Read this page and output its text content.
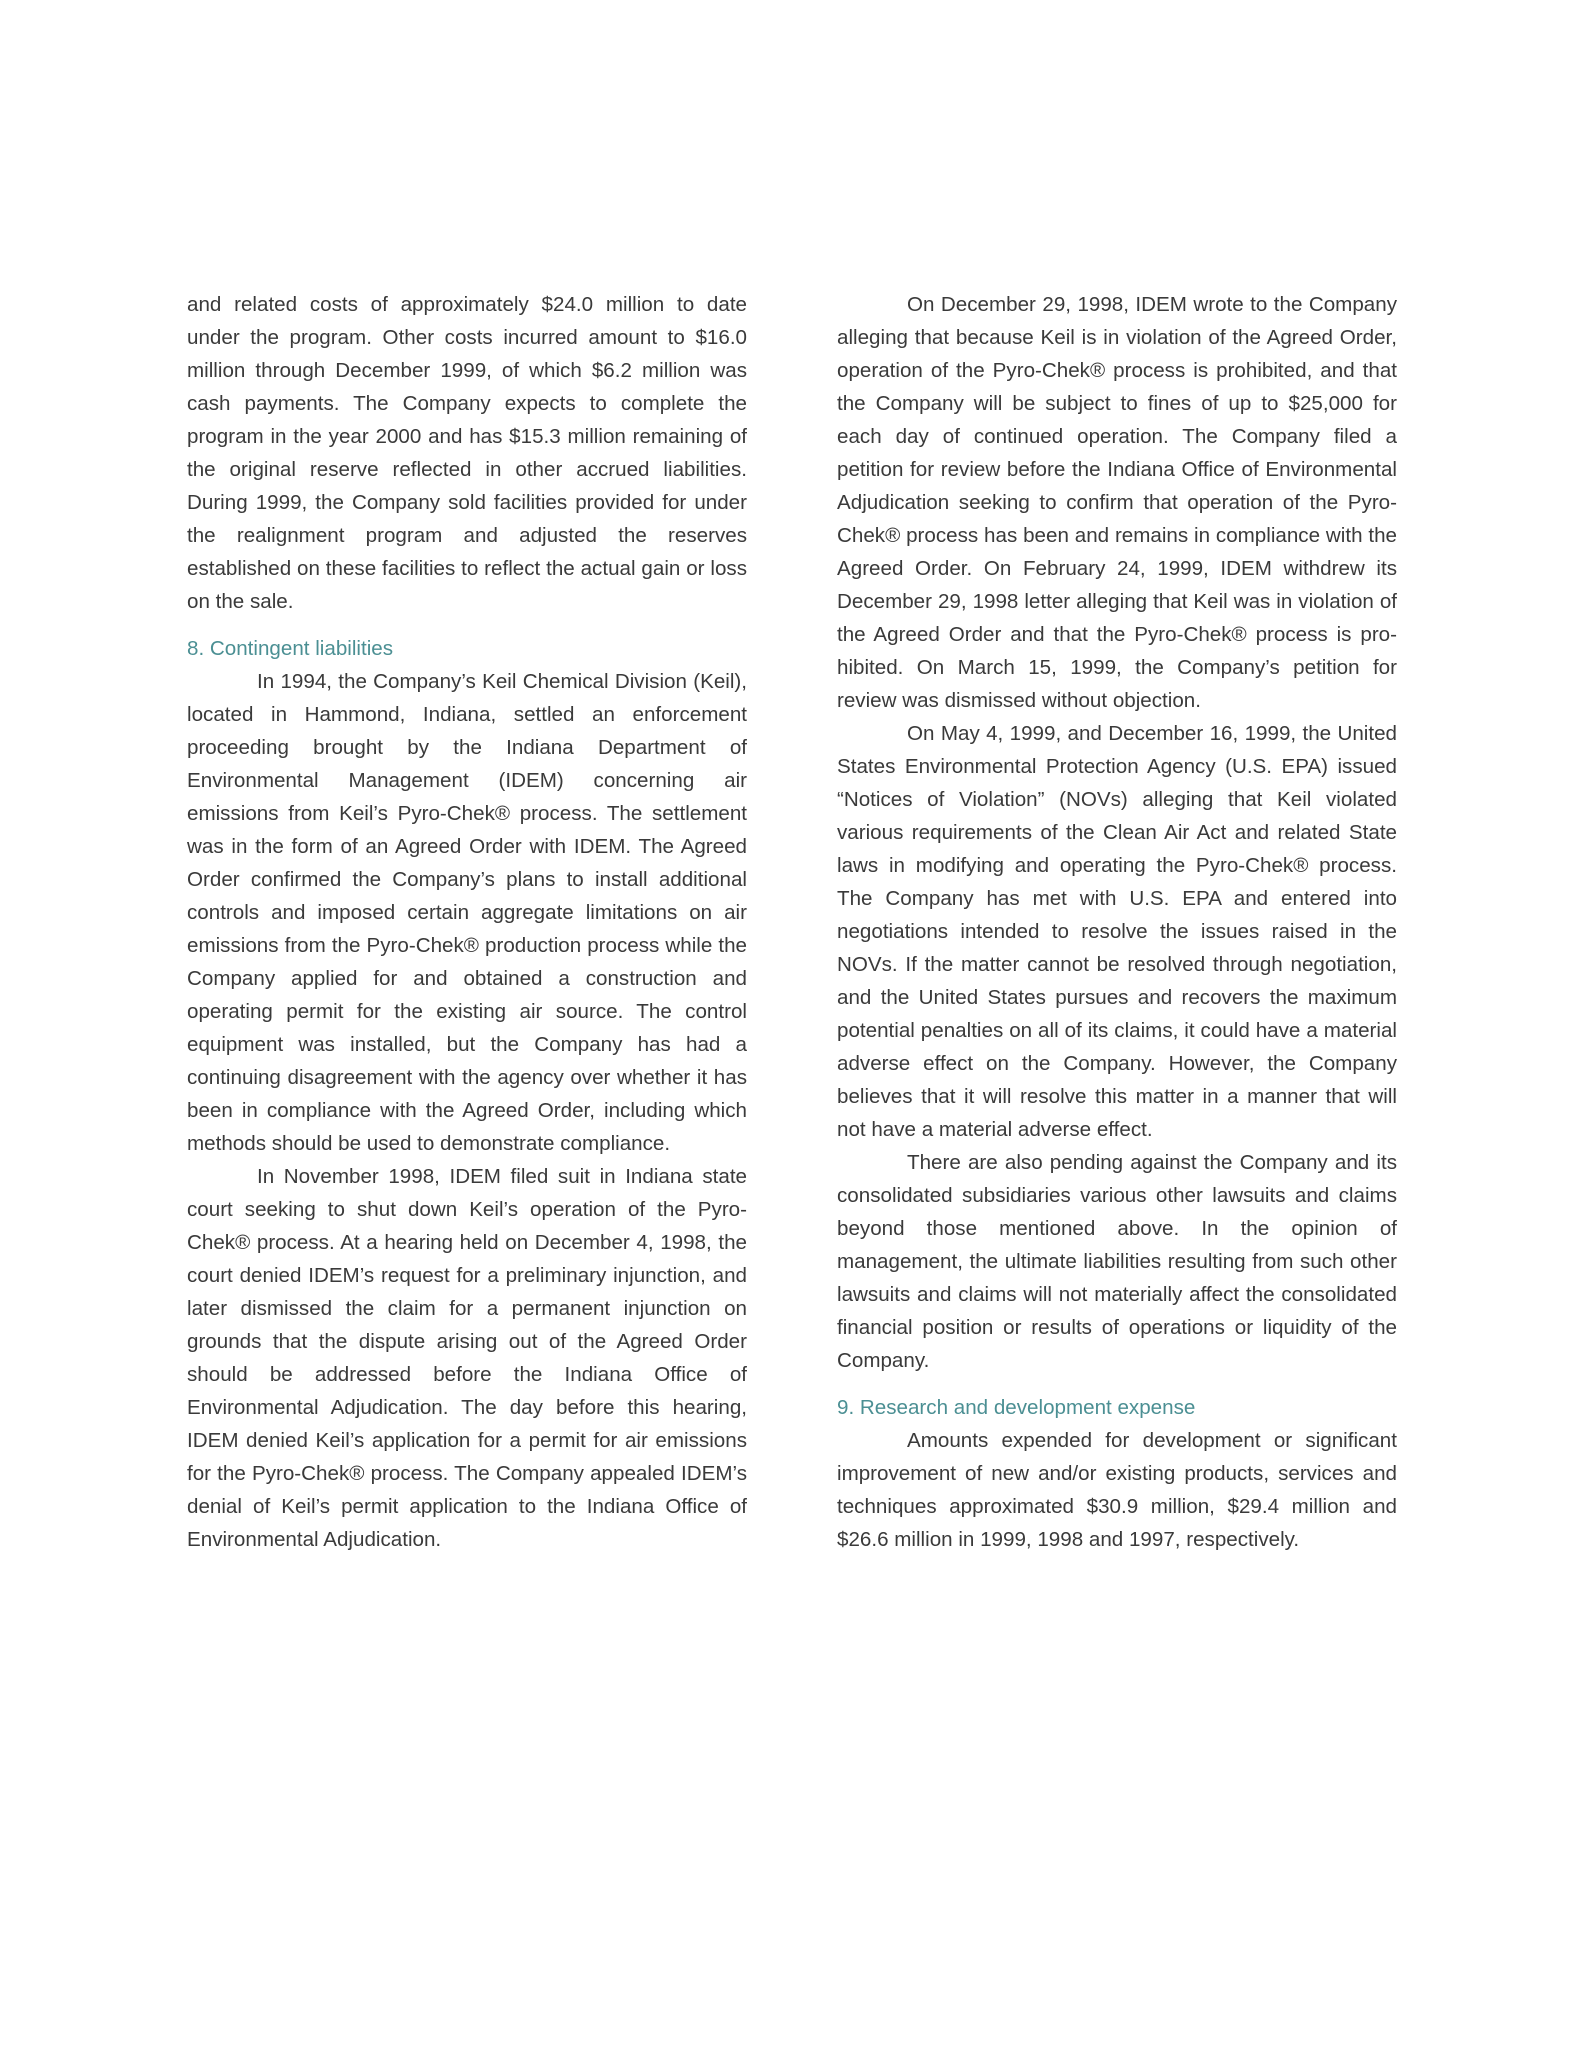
and related costs of approximately $24.0 million to date under the program. Other costs incurred amount to $16.0 million through December 1999, of which $6.2 million was cash payments. The Company expects to complete the program in the year 2000 and has $15.3 million remaining of the original reserve reflected in other accrued liabilities. During 1999, the Company sold facilities provided for under the realignment program and adjusted the reserves established on these facilities to reflect the actual gain or loss on the sale.

8. Contingent liabilities

In 1994, the Company’s Keil Chemical Division (Keil), located in Hammond, Indiana, settled an enforcement proceeding brought by the Indiana Department of Environmental Management (IDEM) concerning air emissions from Keil’s Pyro-Chek® process. The settlement was in the form of an Agreed Order with IDEM. The Agreed Order confirmed the Company’s plans to install additional controls and imposed certain aggregate limitations on air emissions from the Pyro-Chek® production process while the Company applied for and obtained a construction and operating permit for the existing air source. The control equipment was installed, but the Company has had a continuing disagreement with the agency over whether it has been in compliance with the Agreed Order, including which methods should be used to demonstrate compliance.

In November 1998, IDEM filed suit in Indiana state court seeking to shut down Keil’s operation of the Pyro-Chek® process. At a hearing held on December 4, 1998, the court denied IDEM’s request for a preliminary injunction, and later dismissed the claim for a permanent injunction on grounds that the dispute arising out of the Agreed Order should be addressed before the Indiana Office of Environmental Adjudication. The day before this hearing, IDEM denied Keil’s application for a permit for air emissions for the Pyro-Chek® process. The Company appealed IDEM’s denial of Keil’s permit application to the Indiana Office of Environmental Adjudication.

On December 29, 1998, IDEM wrote to the Company alleging that because Keil is in violation of the Agreed Order, operation of the Pyro-Chek® process is prohibited, and that the Company will be subject to fines of up to $25,000 for each day of continued operation. The Company filed a petition for review before the Indiana Office of Environmental Adjudication seeking to confirm that operation of the Pyro-Chek® process has been and remains in compliance with the Agreed Order. On February 24, 1999, IDEM withdrew its December 29, 1998 letter alleging that Keil was in violation of the Agreed Order and that the Pyro-Chek® process is prohibited. On March 15, 1999, the Company’s petition for review was dismissed without objection.

On May 4, 1999, and December 16, 1999, the United States Environmental Protection Agency (U.S. EPA) issued “Notices of Violation” (NOVs) alleging that Keil violated various requirements of the Clean Air Act and related State laws in modifying and operating the Pyro-Chek® process. The Company has met with U.S. EPA and entered into negotiations intended to resolve the issues raised in the NOVs. If the matter cannot be resolved through negotiation, and the United States pursues and recovers the maximum potential penalties on all of its claims, it could have a material adverse effect on the Company. However, the Company believes that it will resolve this matter in a manner that will not have a material adverse effect.

There are also pending against the Company and its consolidated subsidiaries various other lawsuits and claims beyond those mentioned above. In the opinion of management, the ultimate liabilities resulting from such other lawsuits and claims will not materially affect the consolidated financial position or results of operations or liquidity of the Company.

9. Research and development expense

Amounts expended for development or significant improvement of new and/or existing products, services and techniques approximated $30.9 million, $29.4 million and $26.6 million in 1999, 1998 and 1997, respectively.
